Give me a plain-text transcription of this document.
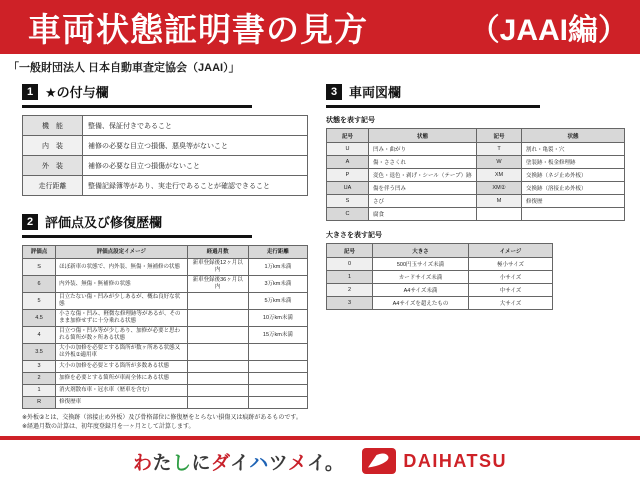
車両状態証明書の見方	（JAAI編）
「一般財団法人 日本自動車査定協会（JAAI）」
1 ★の付与欄
機　能	整備、保証付きであること
内　装	補修の必要な目立つ損傷、悪臭等がないこと
外　装	補修の必要な目立つ損傷がないこと
走行距離	整備記録簿等があり、実走行であることが確認できること
2 評価点及び修復歴欄
評価点	評価点設定イメージ	経過月数	走行距離
S	ほぼ新車の状態で、内外装、無傷・無補修の状態	新車登録後12ヶ月以内	1万km未満
6	内外装、無傷・無補修の状態	新車登録後36ヶ月以内	3万km未満
5	目立たない傷・凹みが少しあるが、概ね良好な状態		5万km未満
4.5	小さな傷・凹み、軽微な修理跡等があるが、そのまま加修せずに十分乗れる状態		10万km未満
4	目立つ傷・凹み等が少しあり、加修が必要と思われる箇所が数ヶ所ある状態		15万km未満
3.5	大小の加修を必要とする箇所が数ヶ所ある状態又は外板②適用車		
3	大小の加修を必要とする箇所が多数ある状態		
2	加修を必要とする箇所が車両全体にある状態		
1	消火剤散布車・冠水車（歴車を含む）		
R	修復歴車		
3 車両図欄
状態を表す記号
記号	状態	記号	状態
U	凹み・曲がり	T	割れ・亀裂・穴
A	傷・ささくれ	W	塗装跡・板金修理跡
P	変色・退色・剥げ・シール（テープ）跡	XM	交換跡（ネジ止め外板）
UA	傷を伴う凹み	XM②	交換跡（溶接止め外板）
S	さび	M	修復歴
C	腐食		
大きさを表す記号
記号	大きさ	イメージ
0	500円玉サイズ未満	極小サイズ
1	カードサイズ未満	小サイズ
2	A4サイズ未満	中サイズ
3	A4サイズを超えたもの	大サイズ
※外板②とは、交換跡（溶接止め外板）及び骨格部位に修復歴をとらない損傷又は痕跡があるものです。
※経過月数の計算は、初年度登録月を一ヶ月として計算します。
わたしにダイハツメイ。	DAIHATSU
